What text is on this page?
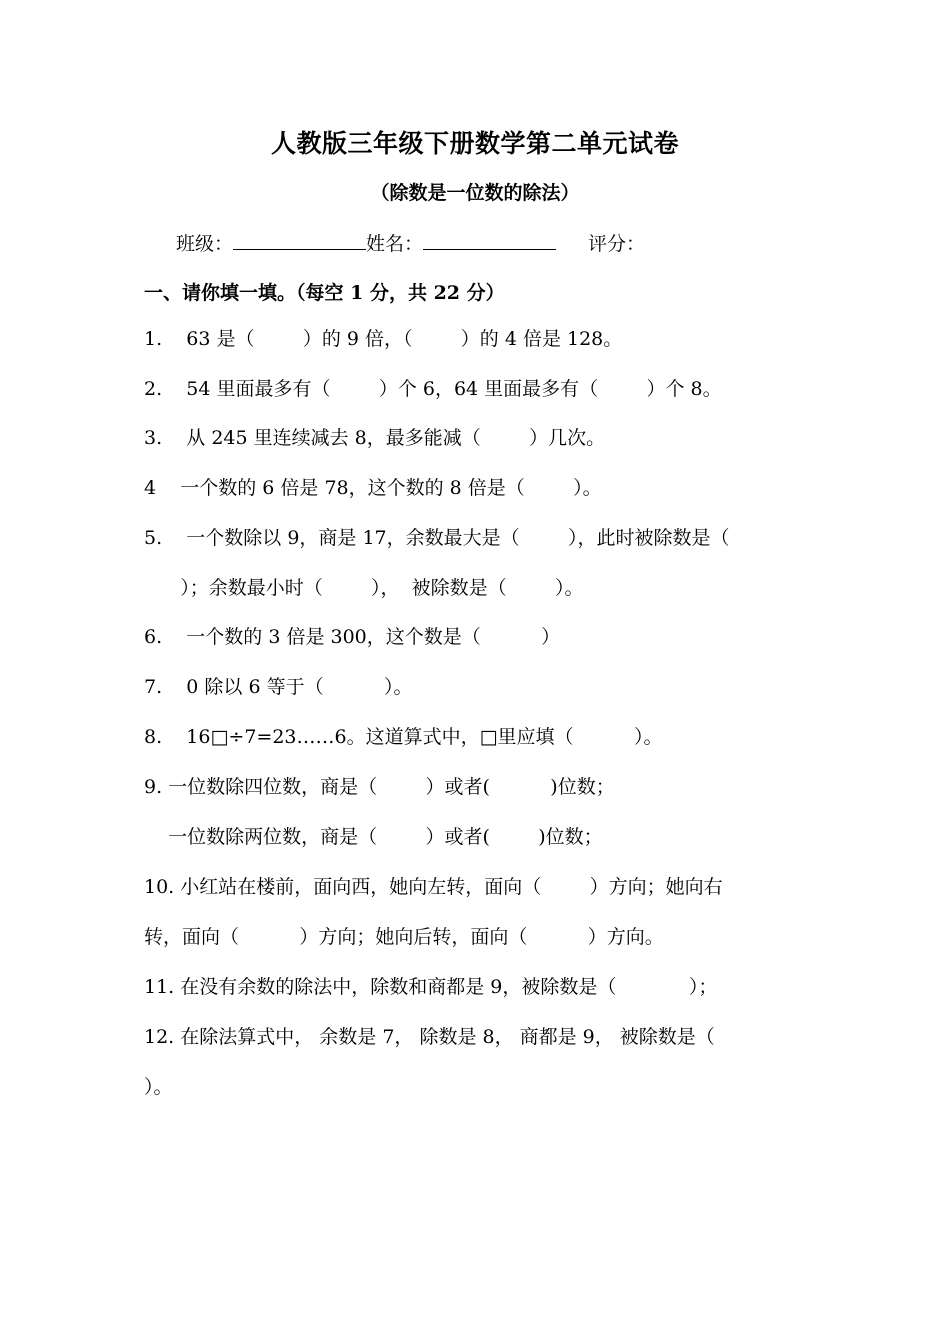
人教版三年级下册数学第二单元试卷
（除数是一位数的除法）
班级：	姓名：	评分：
一、请你填一填。（每空 1 分，共 22 分）
1.    63 是（        ）的 9 倍，（        ）的 4 倍是 128。
2.    54 里面最多有（        ）个 6，64 里面最多有（        ）个 8。
3.    从 245 里连续减去 8，最多能减（        ）几次。
4    一个数的 6 倍是 78，这个数的 8 倍是（        ）。
5.    一个数除以 9，商是 17，余数最大是（        ），此时被除数是（
）；余数最小时（        ），  被除数是（        ）。
6.    一个数的 3 倍是 300，这个数是（          ）
7.    0 除以 6 等于（          ）。
8.    16□÷7=23……6。这道算式中，□里应填（          ）。
9. 一位数除四位数，商是（        ）或者(          )位数；
一位数除两位数，商是（        ）或者(        )位数；
10. 小红站在楼前，面向西，她向左转，面向（        ）方向；她向右
转，面向（          ）方向；她向后转，面向（          ）方向。
11. 在没有余数的除法中，除数和商都是 9，被除数是（            ）；
12. 在除法算式中， 余数是 7， 除数是 8， 商都是 9， 被除数是（
）。
